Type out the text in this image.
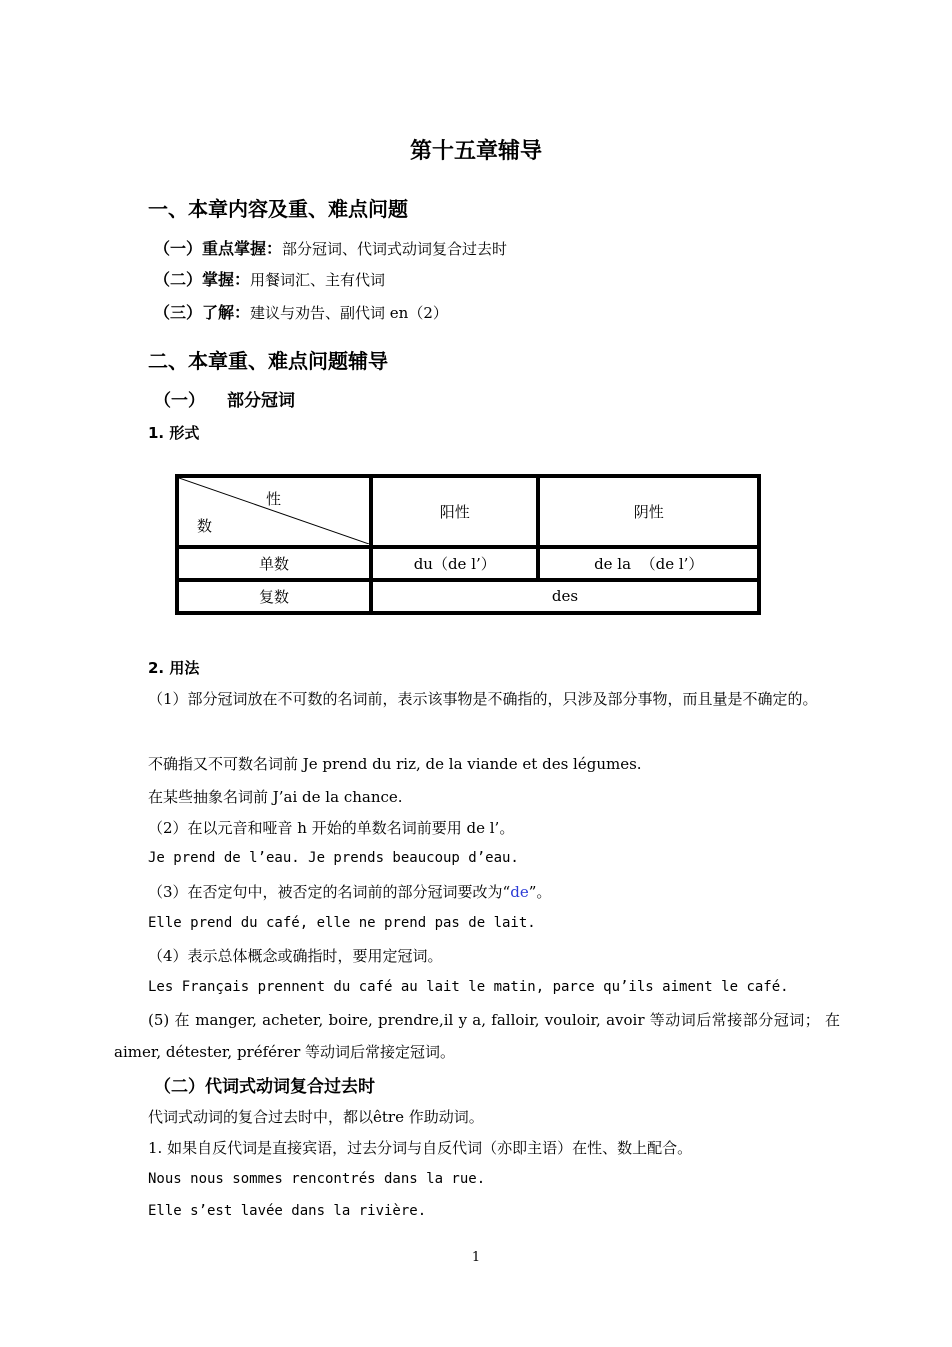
第十五章辅导
一、本章内容及重、难点问题
（一）重点掌握：部分冠词、代词式动词复合过去时
（二）掌握：用餐词汇、主有代词
（三）了解：建议与劝告、副代词 en（2）
二、本章重、难点问题辅导
（一） 部分冠词
1. 形式
性
数	阳性	阴性
单数	du（de l’）	de la  （de l’）
复数	des	
2. 用法
（1）部分冠词放在不可数的名词前，表示该事物是不确指的，只涉及部分事物，而且量是不确定的。
不确指又不可数名词前 Je prend du riz, de la viande et des légumes.
在某些抽象名词前 J’ai de la chance.
（2）在以元音和哑音 h 开始的单数名词前要用 de l’。
Je prend de l’eau. Je prends beaucoup d’eau.
（3）在否定句中，被否定的名词前的部分冠词要改为“de”。
Elle prend du café, elle ne prend pas de lait.
（4）表示总体概念或确指时，要用定冠词。
Les Français prennent du café au lait le matin, parce qu’ils aiment le café.
(5) 在 manger, acheter, boire, prendre,il y a, falloir, vouloir, avoir 等动词后常接部分冠词； 在 aimer, détester, préférer 等动词后常接定冠词。
（二）代词式动词复合过去时
代词式动词的复合过去时中，都以être 作助动词。
1. 如果自反代词是直接宾语，过去分词与自反代词（亦即主语）在性、数上配合。
Nous nous sommes rencontrés dans la rue.
Elle s’est lavée dans la rivière.
1
